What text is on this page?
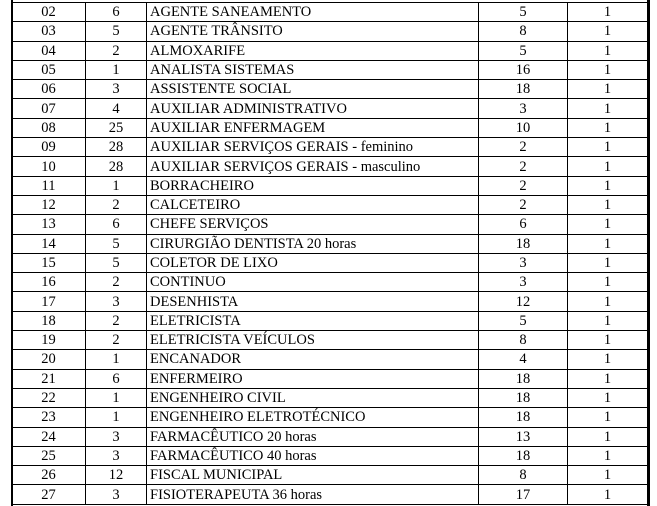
02	6	AGENTE SANEAMENTO	5	1
03	5	AGENTE TRÂNSITO	8	1
04	2	ALMOXARIFE	5	1
05	1	ANALISTA SISTEMAS	16	1
06	3	ASSISTENTE SOCIAL	18	1
07	4	AUXILIAR ADMINISTRATIVO	3	1
08	25	AUXILIAR ENFERMAGEM	10	1
09	28	AUXILIAR SERVIÇOS GERAIS - feminino	2	1
10	28	AUXILIAR SERVIÇOS GERAIS - masculino	2	1
11	1	BORRACHEIRO	2	1
12	2	CALCETEIRO	2	1
13	6	CHEFE SERVIÇOS	6	1
14	5	CIRURGIÃO DENTISTA 20 horas	18	1
15	5	COLETOR DE LIXO	3	1
16	2	CONTINUO	3	1
17	3	DESENHISTA	12	1
18	2	ELETRICISTA	5	1
19	2	ELETRICISTA VEÍCULOS	8	1
20	1	ENCANADOR	4	1
21	6	ENFERMEIRO	18	1
22	1	ENGENHEIRO CIVIL	18	1
23	1	ENGENHEIRO ELETROTÉCNICO	18	1
24	3	FARMACÊUTICO 20 horas	13	1
25	3	FARMACÊUTICO 40 horas	18	1
26	12	FISCAL MUNICIPAL	8	1
27	3	FISIOTERAPEUTA 36 horas	17	1
